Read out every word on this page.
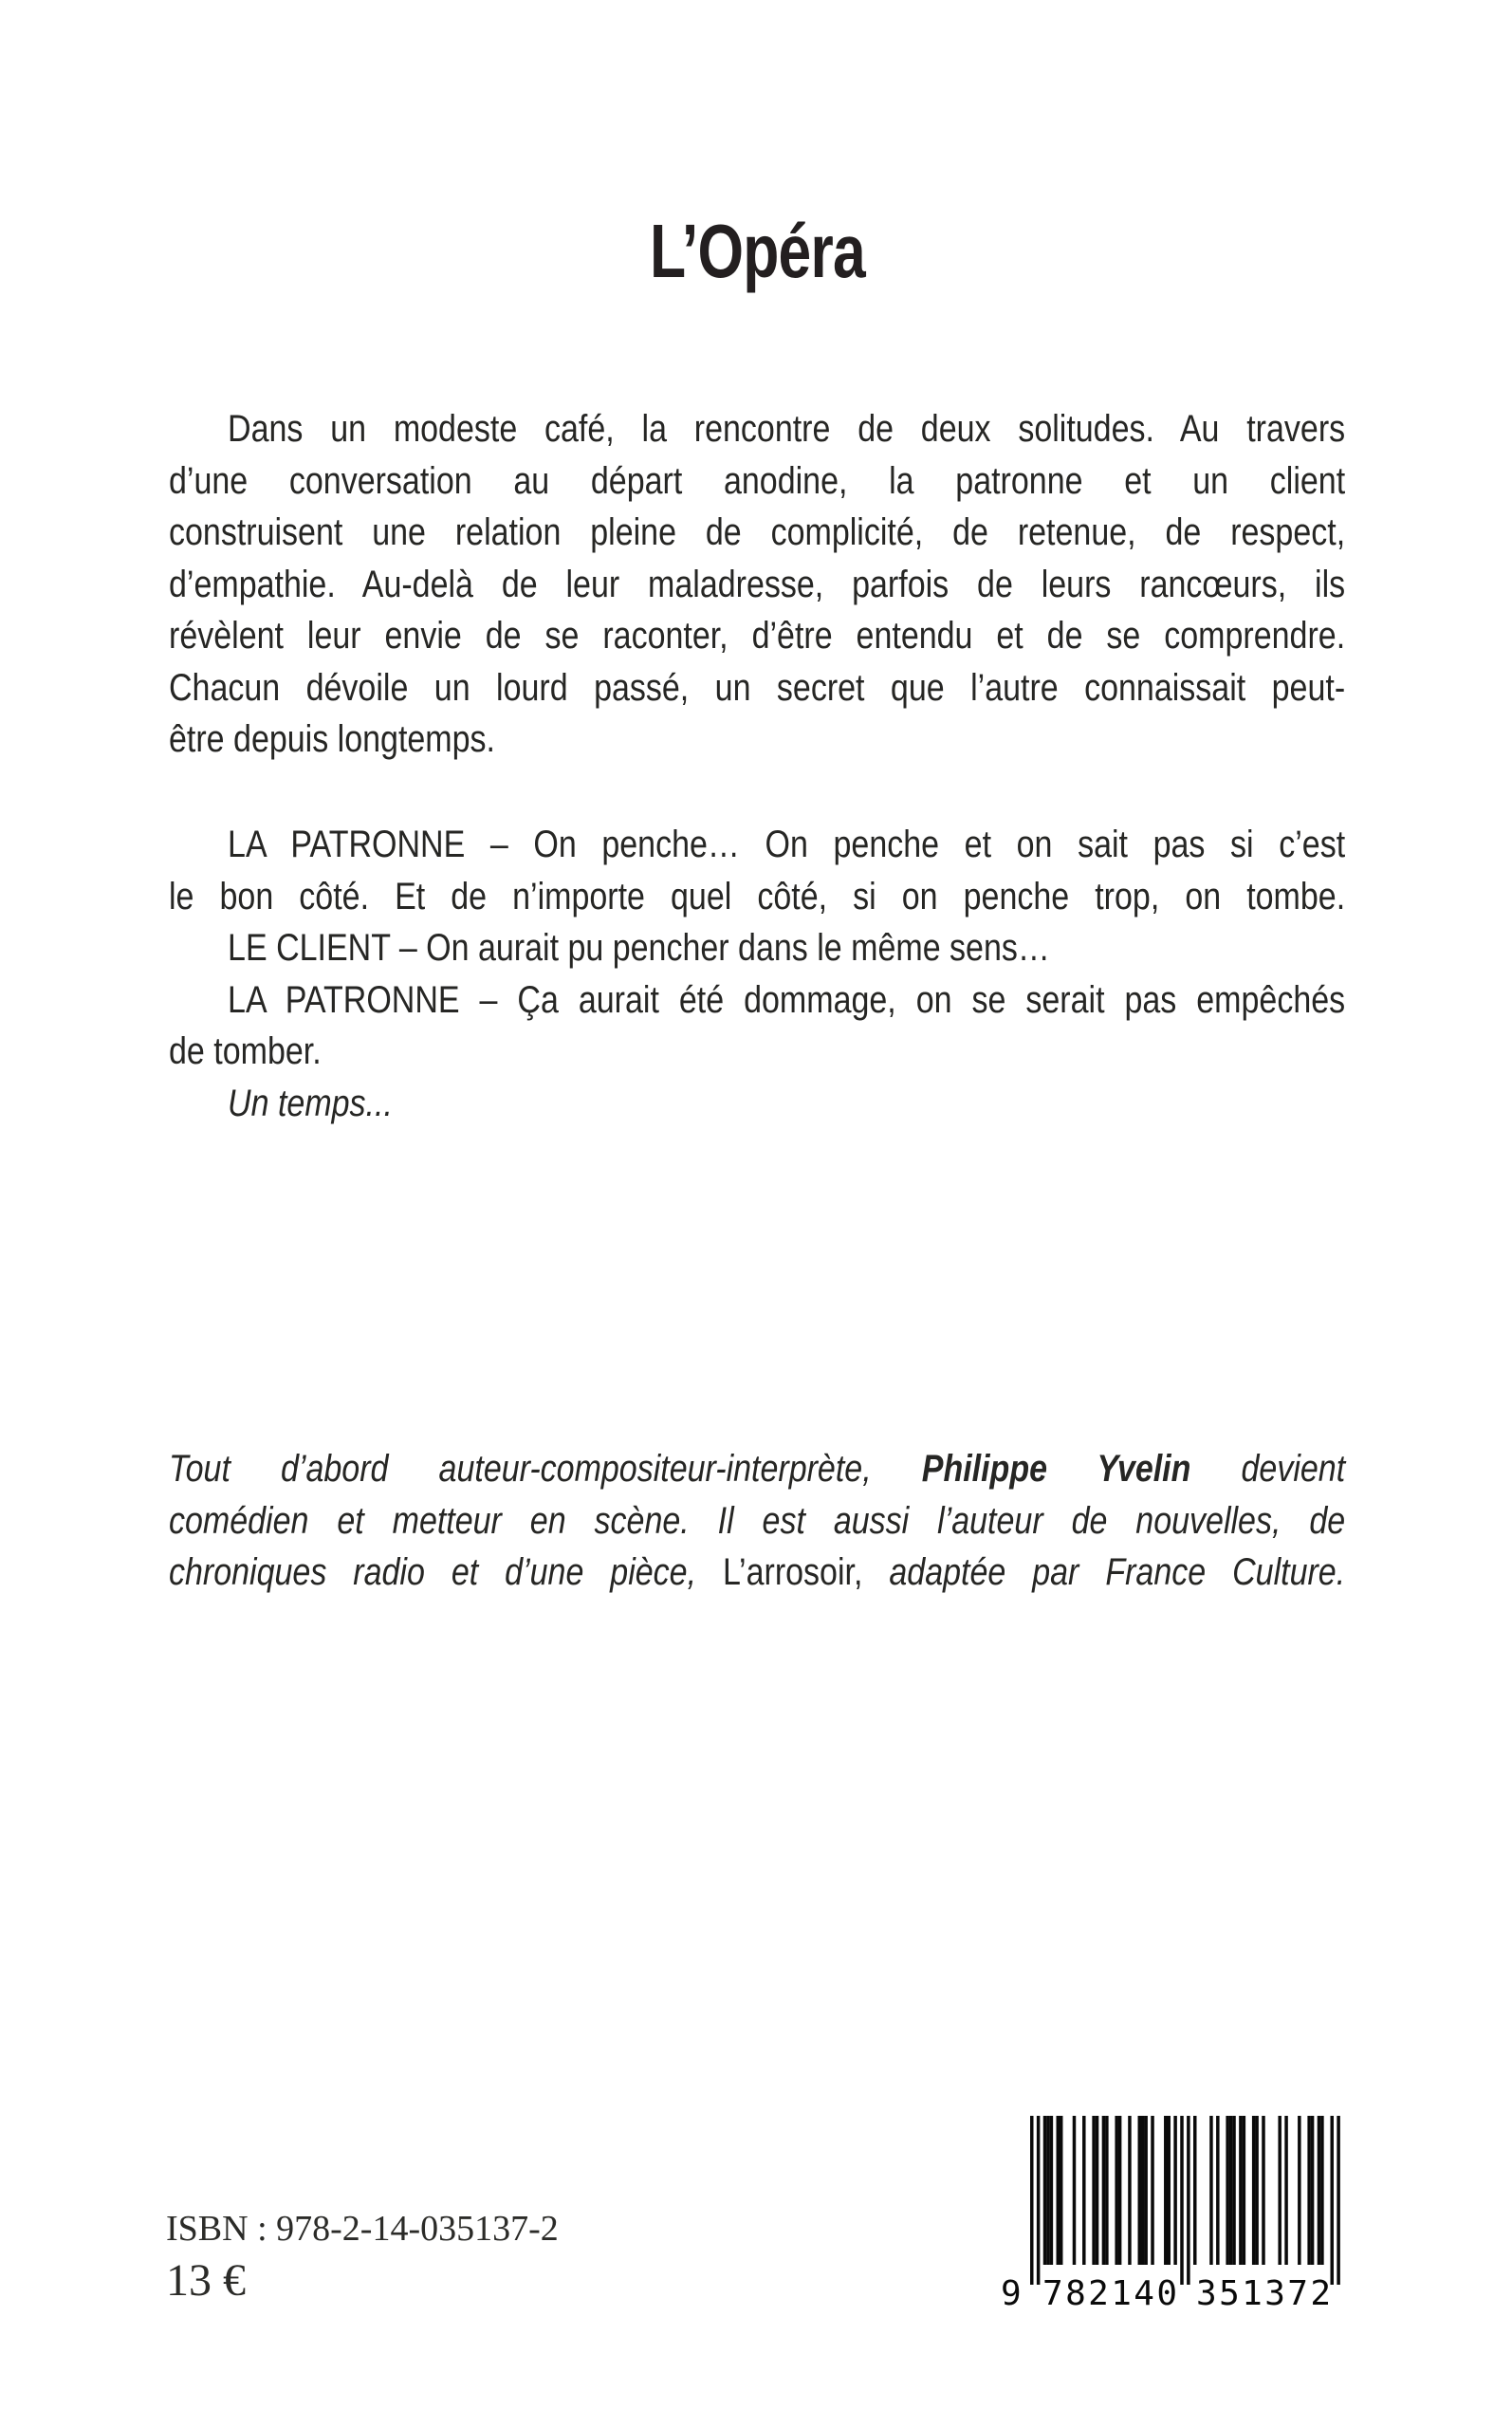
L’Opéra
Dans un modeste café, la rencontre de deux solitudes. Au travers
d’une conversation au départ anodine, la patronne et un client
construisent une relation pleine de complicité, de retenue, de respect,
d’empathie. Au-delà de leur maladresse, parfois de leurs rancœurs, ils
révèlent leur envie de se raconter, d’être entendu et de se comprendre.
Chacun dévoile un lourd passé, un secret que l’autre connaissait peut-
être depuis longtemps.
LA PATRONNE – On penche… On penche et on sait pas si c’est
le bon côté. Et de n’importe quel côté, si on penche trop, on tombe.
LE CLIENT – On aurait pu pencher dans le même sens…
LA PATRONNE – Ça aurait été dommage, on se serait pas empêchés
de tomber.
Un temps...
Tout d’abord auteur-compositeur-interprète, Philippe Yvelin devient
comédien et metteur en scène. Il est aussi l’auteur de nouvelles, de
chroniques radio et d’une pièce, L’arrosoir, adaptée par France Culture.
ISBN : 978-2-14-035137-2
13 €	9 782140 351372
